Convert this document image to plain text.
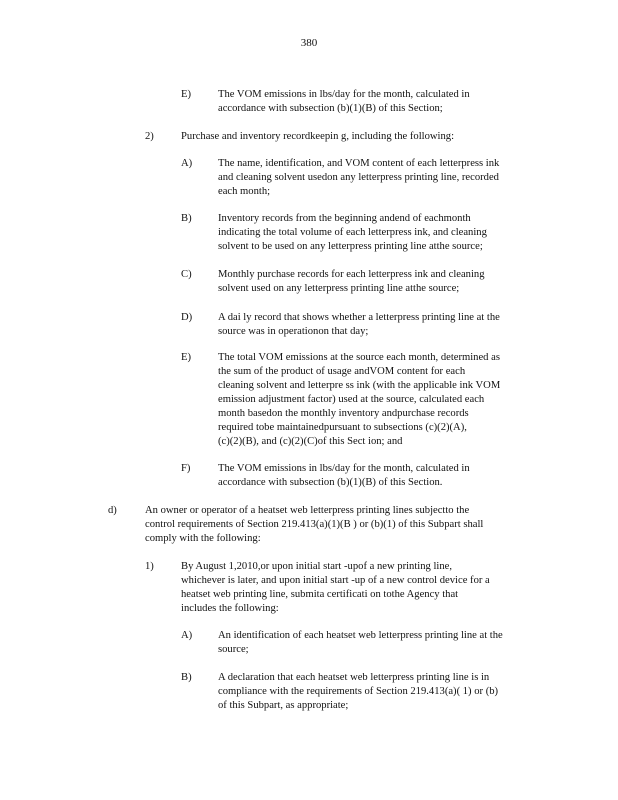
380
E)	The VOM emissions in lbs/day for the month, calculated in

accordance with subsection (b)(1)(B) of this Section;

2)	Purchase and inventory recordkeepin g, including the following:

A) The name, identification, and VOM content of each letterpress ink

and cleaning solvent usedon any letterpress printing line, recorded

each month;

B) Inventory records from the beginning andend of eachmonth

indicating the total volume of each letterpress ink, and cleaning

solvent to be used on any letterpress printing line atthe source;

C) Monthly purchase records for each letterpress ink and cleaning

solvent used on any letterpress printing line atthe source;

D) A dai ly record that shows whether a letterpress printing line at the

source was in operationon that day;

E)	The total VOM emissions at the source each month, determined as

the sum of the product of usage andVOM content for each

cleaning solvent and letterpre ss ink (with the applicable ink VOM

emission adjustment factor) used at the source, calculated each

month basedon the monthly inventory andpurchase records

required tobe maintainedpursuant to subsections (c)(2)(A),

(c)(2)(B), and (c)(2)(C)of this Sect ion; and

F)	The VOM emissions in lbs/day for the month, calculated in

accordance with subsection (b)(1)(B) of this Section.

d)	An owner or operator of a heatset web letterpress printing lines subjectto the

control requirements of Section 219.413(a)(1)(B ) or (b)(1) of this Subpart shall

comply with the following:

1)	By August 1,2010,or upon initial start -upof a new printing line,

whichever is later, and upon initial start -up of a new control device for a

heatset web printing line, submita certificati on tothe Agency that

includes the following:

A) An identification of each heatset web letterpress printing line at the

source;

B) A declaration that each heatset web letterpress printing line is in

compliance with the requirements of Section 219.413(a)( 1) or (b)

of this Subpart, as appropriate;
